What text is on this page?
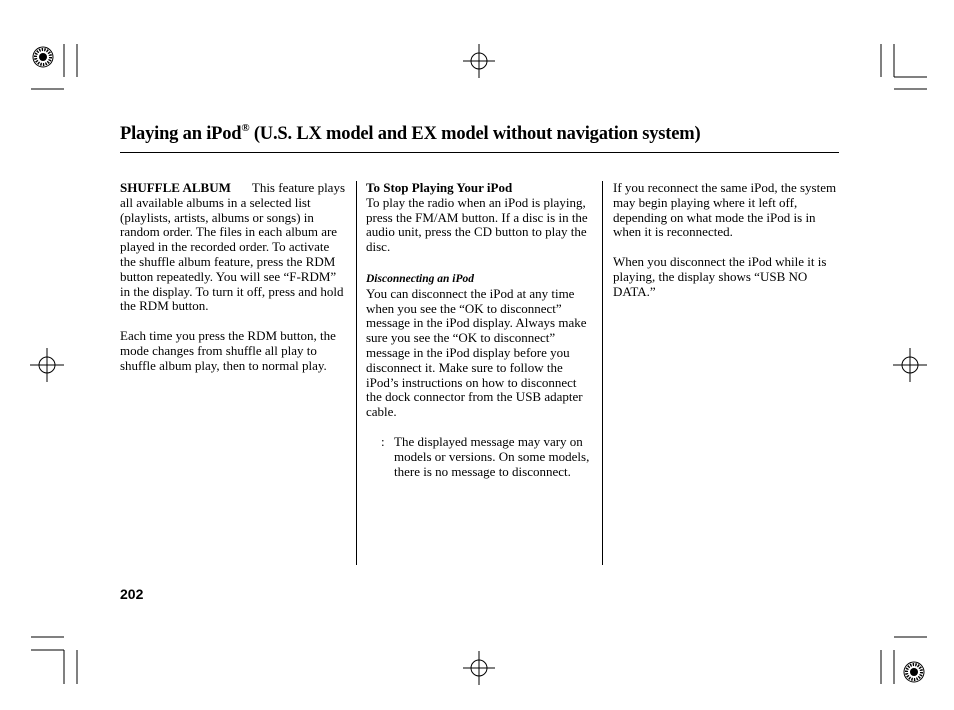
Playing an iPod® (U.S. LX model and EX model without navigation system)

SHUFFLE ALBUM This feature plays all available albums in a selected list (playlists, artists, albums or songs) in random order. The files in each album are played in the recorded order. To activate the shuffle album feature, press the RDM button repeatedly. You will see “F-RDM” in the display. To turn it off, press and hold the RDM button.

Each time you press the RDM button, the mode changes from shuffle all play to shuffle album play, then to normal play.

To Stop Playing Your iPod

To play the radio when an iPod is playing, press the FM/AM button. If a disc is in the audio unit, press the CD button to play the disc.

Disconnecting an iPod

You can disconnect the iPod at any time when you see the “OK to disconnect” message in the iPod display. Always make sure you see the “OK to disconnect” message in the iPod display before you disconnect it. Make sure to follow the iPod’s instructions on how to disconnect the dock connector from the USB adapter cable.

: The displayed message may vary on models or versions. On some models, there is no message to disconnect.

If you reconnect the same iPod, the system may begin playing where it left off, depending on what mode the iPod is in when it is reconnected.

When you disconnect the iPod while it is playing, the display shows “USB NO DATA.”

202
